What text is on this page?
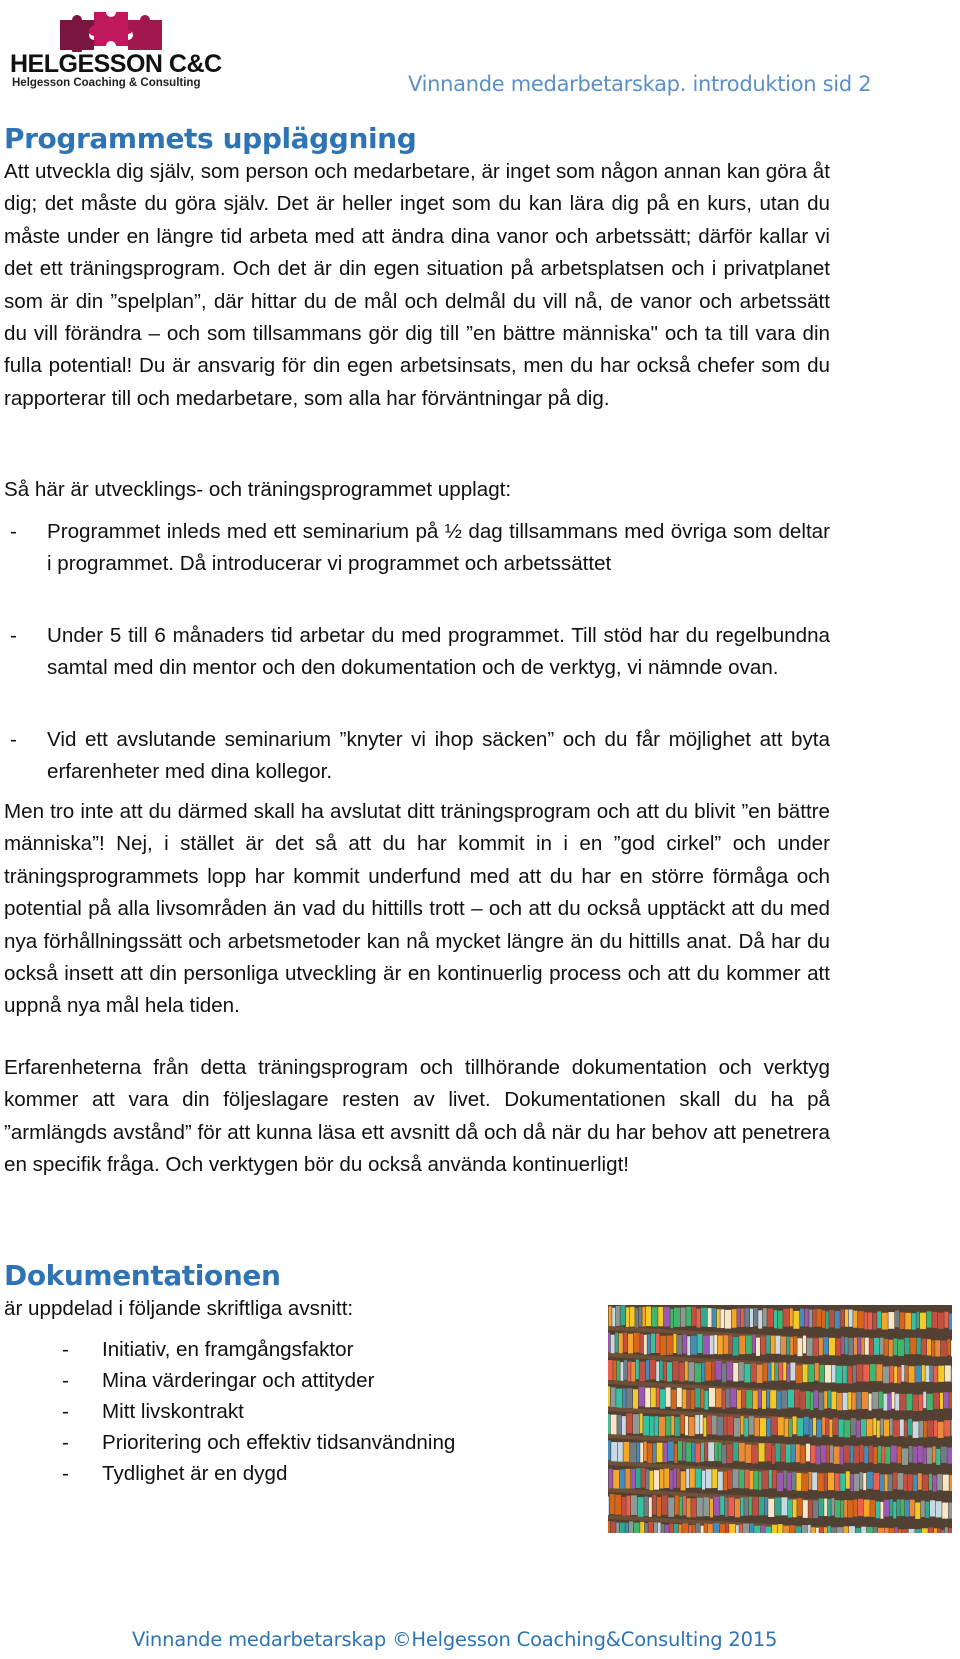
HELGESSON C&C
Helgesson Coaching & Consulting	Vinnande medarbetarskap. introduktion sid 2
Programmets uppläggning

Att utveckla dig själv, som person och medarbetare, är inget som någon annan kan göra åt dig; det måste du göra själv. Det är heller inget som du kan lära dig på en kurs, utan du måste under en längre tid arbeta med att ändra dina vanor och arbetssätt; därför kallar vi det ett träningsprogram. Och det är din egen situation på arbetsplatsen och i privatplanet som är din ”spelplan”, där hittar du de mål och delmål du vill nå, de vanor och arbetssätt du vill förändra – och som tillsammans gör dig till ”en bättre människa" och ta till vara din fulla potential! Du är ansvarig för din egen arbetsinsats, men du har också chefer som du rapporterar till och medarbetare, som alla har förväntningar på dig.

Så här är utvecklings- och träningsprogrammet upplagt:

- Programmet inleds med ett seminarium på ½ dag tillsammans med övriga som deltar i programmet. Då introducerar vi programmet och arbetssättet
- Under 5 till 6 månaders tid arbetar du med programmet. Till stöd har du regelbundna samtal med din mentor och den dokumentation och de verktyg, vi nämnde ovan.
- Vid ett avslutande seminarium ”knyter vi ihop säcken” och du får möjlighet att byta erfarenheter med dina kollegor.

Men tro inte att du därmed skall ha avslutat ditt träningsprogram och att du blivit ”en bättre människa”! Nej, i stället är det så att du har kommit in i en ”god cirkel” och under träningsprogrammets lopp har kommit underfund med att du har en större förmåga och potential på alla livsområden än vad du hittills trott – och att du också upptäckt att du med nya förhållningssätt och arbetsmetoder kan nå mycket längre än du hittills anat. Då har du också insett att din personliga utveckling är en kontinuerlig process och att du kommer att uppnå nya mål hela tiden.

Erfarenheterna från detta träningsprogram och tillhörande dokumentation och verktyg kommer att vara din följeslagare resten av livet. Dokumentationen skall du ha på ”armlängds avstånd” för att kunna läsa ett avsnitt då och då när du har behov att penetrera en specifik fråga. Och verktygen bör du också använda kontinuerligt!

Dokumentationen

är uppdelad i följande skriftliga avsnitt:

- Initiativ, en framgångsfaktor
- Mina värderingar och attityder
- Mitt livskontrakt
- Prioritering och effektiv tidsanvändning
- Tydlighet är en dygd
Vinnande medarbetarskap ©Helgesson Coaching&Consulting 2015
